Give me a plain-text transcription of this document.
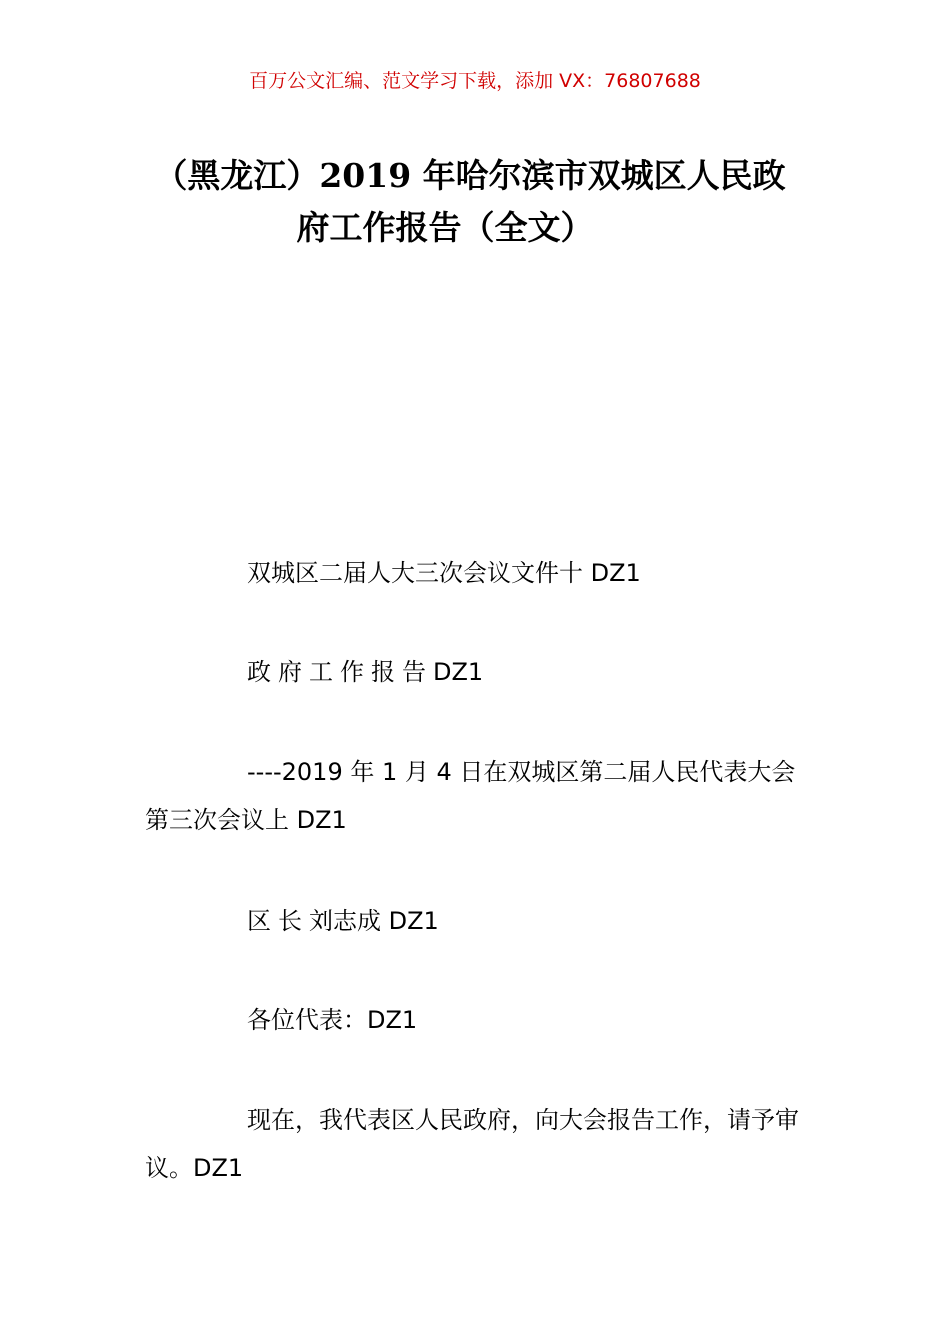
百万公文汇编、范文学习下载，添加 VX：76807688
（黑龙江）2019 年哈尔滨市双城区人民政
府工作报告（全文）

双城区二届人大三次会议文件十 DZ1

政府工作报告DZ1

----2019 年 1 月 4 日在双城区第二届人民代表大会第三次会议上 DZ1

区长刘志成 DZ1

各位代表：DZ1

现在，我代表区人民政府，向大会报告工作，请予审议。DZ1
